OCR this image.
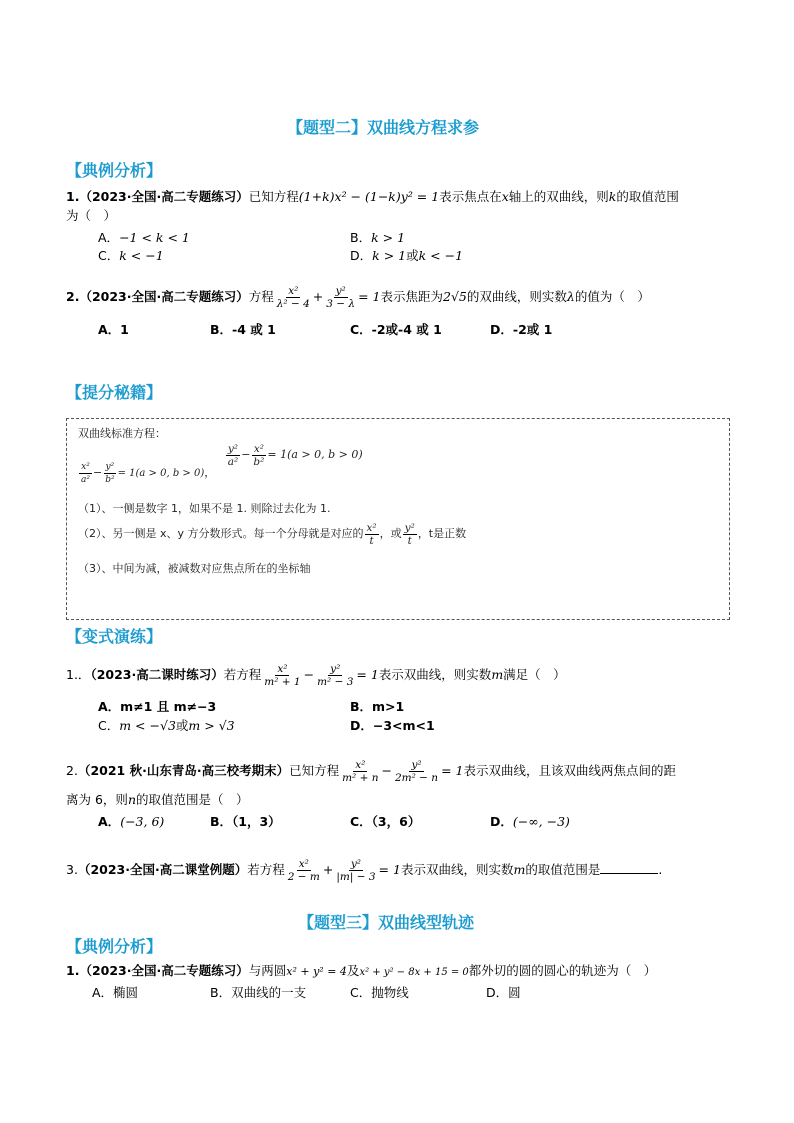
【题型二】双曲线方程求参
【典例分析】
1.（2023·全国·高二专题练习）已知方程(1+k)x² − (1−k)y² = 1表示焦点在x轴上的双曲线，则k的取值范围
为（　）
A．−1 < k < 1	B．k > 1
C．k < −1	D．k > 1或k < −1
2.（2023·全国·高二专题练习）方程 $\frac{\text{x²}}{\text{λ² − 4}} + \frac{\text{y²}}{3 - \lambda} = 1$表示焦距为2√5的双曲线，则实数λ的值为（　）
A．1	B．-4 或 1	C．-2或-4 或 1	D．-2或 1
【提分秘籍】
双曲线标准方程：
$\frac{\text{x²}}{\text{a²}} - \frac{\text{y²}}{\text{b²}} = 1(a > 0$, b > 0)，
$\frac{\text{y²}}{\text{a²}} - \frac{\text{x²}}{\text{b²}} = 1(a > 0$, b > 0)
（1）、一侧是数字 1，如果不是 1. 则除过去化为 1.
（2）、另一侧是 x、y 方分数形式。每一个分母就是对应的 $\frac{\text{x²}}{t}$ ，或 $\frac{\text{y²}}{t}$ ，t是正数
（3）、中间为减，被减数对应焦点所在的坐标轴
【变式演练】
1.．（2023·高二课时练习）若方程 $\frac{\text{x²}}{\text{m² + 1}} - \frac{\text{y²}}{\text{m² − 3}} = 1$表示双曲线，则实数m满足（　）
A．m≠1 且 m≠−3	B．m>1
C．m < −√3或m > √3	D．−3<m<1
2.（2021 秋·山东青岛·高三校考期末）已知方程 $\frac{\text{x²}}{\text{m² + n}} - \frac{\text{y²}}{\text{2m² − n}} = 1$表示双曲线，且该双曲线两焦点间的距
离为 6，则n的取值范围是（　）
A．(−3, 6)	B．（1，3）	C．（3，6）	D．(−∞, −3)
3.（2023·全国·高二课堂例题）若方程 $\frac{\text{x²}}{2 - m} + \frac{\text{y²}}{|m| - 3} = 1$表示双曲线，则实数m的取值范围是	.
【题型三】双曲线型轨迹
【典例分析】
1.（2023·全国·高二专题练习）与两圆x² + y² = 4及x² + y² − 8x + 15 = 0都外切的圆的圆心的轨迹为（　）
A．椭圆	B．双曲线的一支	C．抛物线	D．圆
